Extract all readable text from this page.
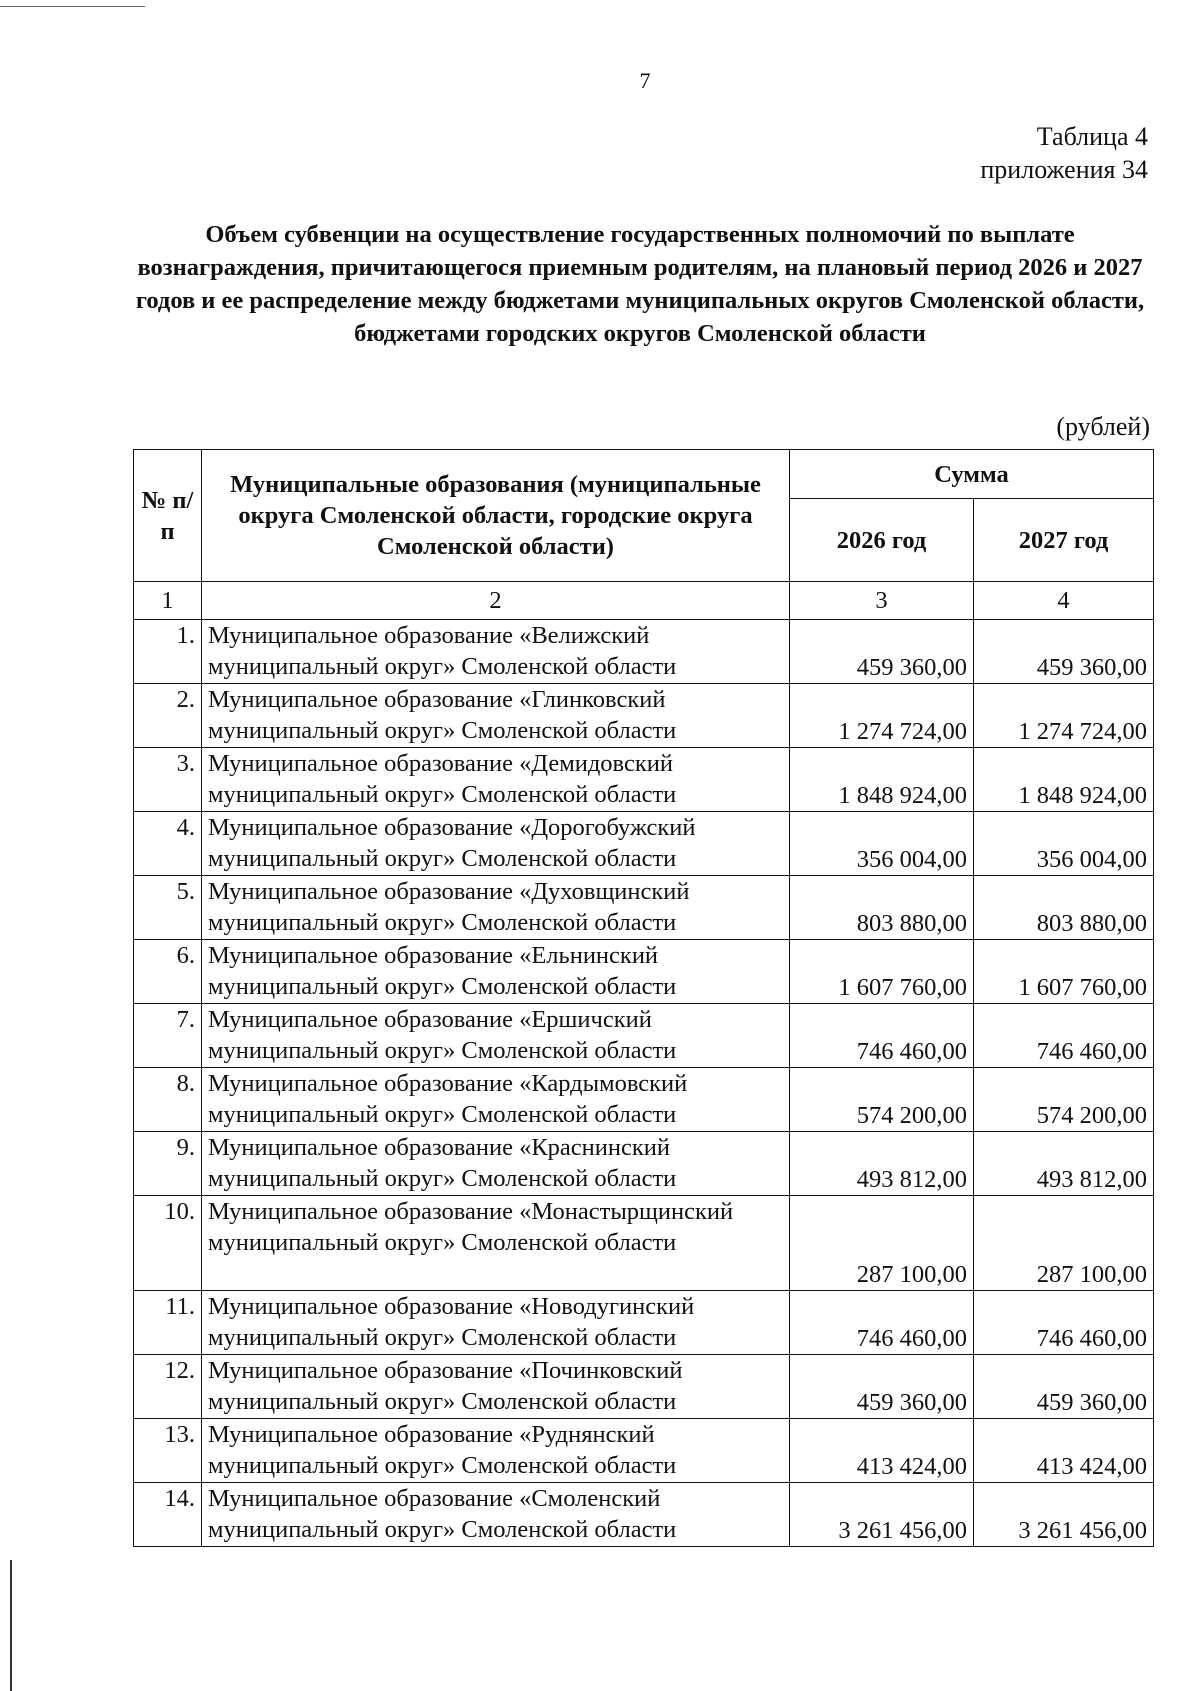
7
Таблица 4
приложения 34
Объем субвенции на осуществление государственных полномочий по выплате вознаграждения, причитающегося приемным родителям, на плановый период 2026 и 2027 годов и ее распределение между бюджетами муниципальных округов Смоленской области, бюджетами городских округов Смоленской области
(рублей)
№ п/п	Муниципальные образования (муниципальные округа Смоленской области, городские округа Смоленской области)	Сумма	
		2026 год	2027 год
1	2	3	4
1.	Муниципальное образование «Велижский муниципальный округ» Смоленской области	459 360,00	459 360,00
2.	Муниципальное образование «Глинковский муниципальный округ» Смоленской области	1 274 724,00	1 274 724,00
3.	Муниципальное образование «Демидовский муниципальный округ» Смоленской области	1 848 924,00	1 848 924,00
4.	Муниципальное образование «Дорогобужский муниципальный округ» Смоленской области	356 004,00	356 004,00
5.	Муниципальное образование «Духовщинский муниципальный округ» Смоленской области	803 880,00	803 880,00
6.	Муниципальное образование «Ельнинский муниципальный округ» Смоленской области	1 607 760,00	1 607 760,00
7.	Муниципальное образование «Ершичский муниципальный округ» Смоленской области	746 460,00	746 460,00
8.	Муниципальное образование «Кардымовский муниципальный округ» Смоленской области	574 200,00	574 200,00
9.	Муниципальное образование «Краснинский муниципальный округ» Смоленской области	493 812,00	493 812,00
10.	Муниципальное образование «Монастырщинский муниципальный округ» Смоленской области	287 100,00	287 100,00
11.	Муниципальное образование «Новодугинский муниципальный округ» Смоленской области	746 460,00	746 460,00
12.	Муниципальное образование «Починковский муниципальный округ» Смоленской области	459 360,00	459 360,00
13.	Муниципальное образование «Руднянский муниципальный округ» Смоленской области	413 424,00	413 424,00
14.	Муниципальное образование «Смоленский муниципальный округ» Смоленской области	3 261 456,00	3 261 456,00
